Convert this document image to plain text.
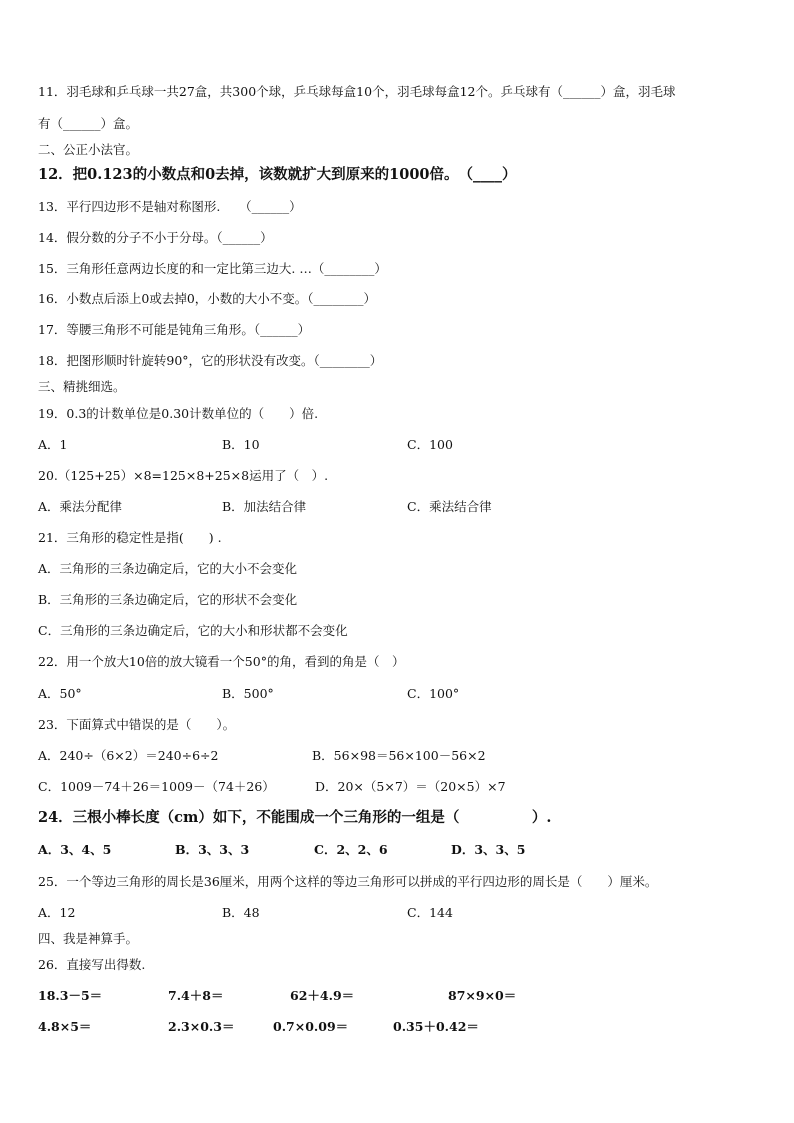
11．羽毛球和乒乓球一共27盒，共300个球，乒乓球每盒10个，羽毛球每盒12个。乒乓球有（______）盒，羽毛球
有（______）盒。
二、公正小法官。
12．把0.123的小数点和0去掉，该数就扩大到原来的1000倍。　（____）
13．平行四边形不是轴对称图形.　　（______）
14．假分数的分子不小于分母。（______）
15．三角形任意两边长度的和一定比第三边大. …（________）
16．小数点后添上0或去掉0，小数的大小不变。（________）
17．等腰三角形不可能是钝角三角形。（______）
18．把图形顺时针旋转90°，它的形状没有改变。（________）
三、精挑细选。
19．0.3的计数单位是0.30计数单位的（　　）倍.
A．1	B．10	C．100
20.（125+25）×8=125×8+25×8运用了（　）.
A．乘法分配律	B．加法结合律	C．乘法结合律
21．三角形的稳定性是指(　　) .
A．三角形的三条边确定后，它的大小不会变化
B．三角形的三条边确定后，它的形状不会变化
C．三角形的三条边确定后，它的大小和形状都不会变化
22．用一个放大10倍的放大镜看一个50°的角，看到的角是（　）
A．50°	B．500°	C．100°
23．下面算式中错误的是（　　）。
A．240÷（6×2）＝240÷6÷2	B．56×98＝56×100－56×2
C．1009－74＋26＝1009－（74＋26）	D．20×（5×7）＝（20×5）×7
24．三根小棒长度（cm）如下，不能围成一个三角形的一组是（　　　　　）.
A．3、4、5	B．3、3、3	C．2、2、6	D．3、3、5
25．一个等边三角形的周长是36厘米，用两个这样的等边三角形可以拼成的平行四边形的周长是（　　）厘米。
A．12	B．48	C．144
四、我是神算手。
26．直接写出得数.
18.3－5＝	7.4＋8＝	62＋4.9＝	87×9×0＝
4.8×5＝	2.3×0.3＝	0.7×0.09＝	0.35＋0.42＝
